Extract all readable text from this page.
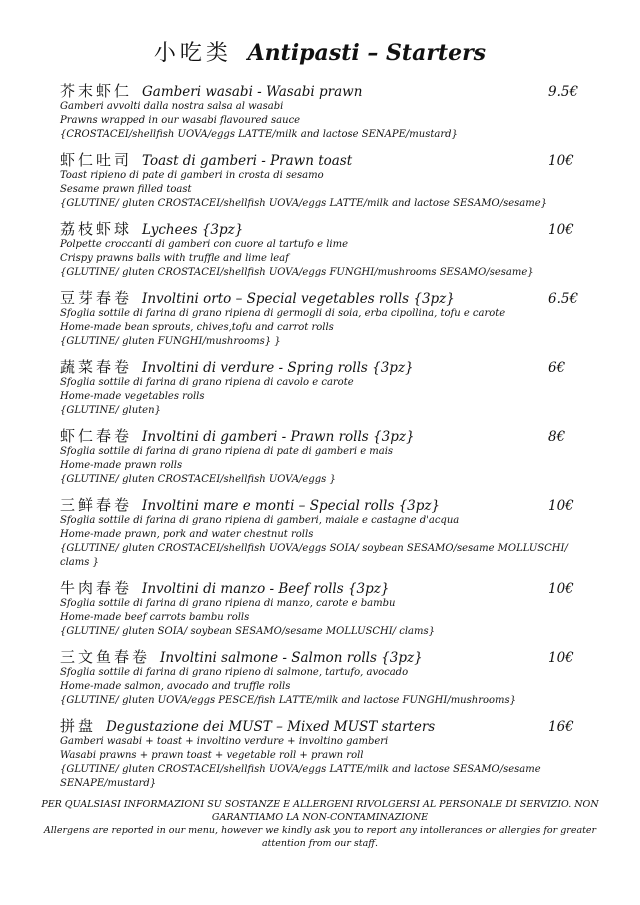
小吃类 Antipasti – Starters
芥末虾仁 Gamberi wasabi - Wasabi prawn	9.5€
Gamberi avvolti dalla nostra salsa al wasabi
Prawns wrapped in our wasabi flavoured sauce
{CROSTACEI/shellfish UOVA/eggs LATTE/milk and lactose SENAPE/mustard}
虾仁吐司 Toast di gamberi - Prawn toast	10€
Toast ripieno di pate di gamberi in crosta di sesamo
Sesame prawn filled toast
{GLUTINE/ gluten CROSTACEI/shellfish UOVA/eggs LATTE/milk and lactose SESAMO/sesame}
荔枝虾球 Lychees {3pz}	10€
Polpette croccanti di gamberi con cuore al tartufo e lime
Crispy prawns balls with truffle and lime leaf
{GLUTINE/ gluten CROSTACEI/shellfish UOVA/eggs FUNGHI/mushrooms SESAMO/sesame}
豆芽春卷 Involtini orto – Special vegetables rolls {3pz}	6.5€
Sfoglia sottile di farina di grano ripiena di germogli di soia, erba cipollina, tofu e carote
Home-made bean sprouts, chives,tofu and carrot rolls
{GLUTINE/ gluten FUNGHI/mushrooms} }
蔬菜春卷 Involtini di verdure - Spring rolls {3pz}	6€
Sfoglia sottile di farina di grano ripiena di cavolo e carote
Home-made vegetables rolls
{GLUTINE/ gluten}
虾仁春卷 Involtini di gamberi - Prawn rolls {3pz}	8€
Sfoglia sottile di farina di grano ripiena di pate di gamberi e mais
Home-made prawn rolls
{GLUTINE/ gluten CROSTACEI/shellfish UOVA/eggs }
三鲜春卷 Involtini mare e monti – Special rolls {3pz}	10€
Sfoglia sottile di farina di grano ripiena di gamberi, maiale e castagne d'acqua
Home-made prawn, pork and water chestnut rolls
{GLUTINE/ gluten CROSTACEI/shellfish UOVA/eggs SOIA/ soybean SESAMO/sesame MOLLUSCHI/ clams }
牛肉春卷 Involtini di manzo - Beef rolls {3pz}	10€
Sfoglia sottile di farina di grano ripiena di manzo, carote e bambu
Home-made beef carrots bambu rolls
{GLUTINE/ gluten SOIA/ soybean SESAMO/sesame MOLLUSCHI/ clams}
三文鱼春卷 Involtini salmone - Salmon rolls {3pz}	10€
Sfoglia sottile di farina di grano ripieno di salmone, tartufo, avocado
Home-made salmon, avocado and truffle rolls
{GLUTINE/ gluten UOVA/eggs PESCE/fish LATTE/milk and lactose FUNGHI/mushrooms}
拼盘 Degustazione dei MUST – Mixed MUST starters	16€
Gamberi wasabi + toast + involtino verdure + involtino gamberi
Wasabi prawns + prawn toast + vegetable roll + prawn roll
{GLUTINE/ gluten CROSTACEI/shellfish UOVA/eggs LATTE/milk and lactose SESAMO/sesame SENAPE/mustard}
PER QUALSIASI INFORMAZIONI SU SOSTANZE E ALLERGENI RIVOLGERSI AL PERSONALE DI SERVIZIO. NON GARANTIAMO LA NON-CONTAMINAZIONE
Allergens are reported in our menu, however we kindly ask you to report any intollerances or allergies for greater attention from our staff.
